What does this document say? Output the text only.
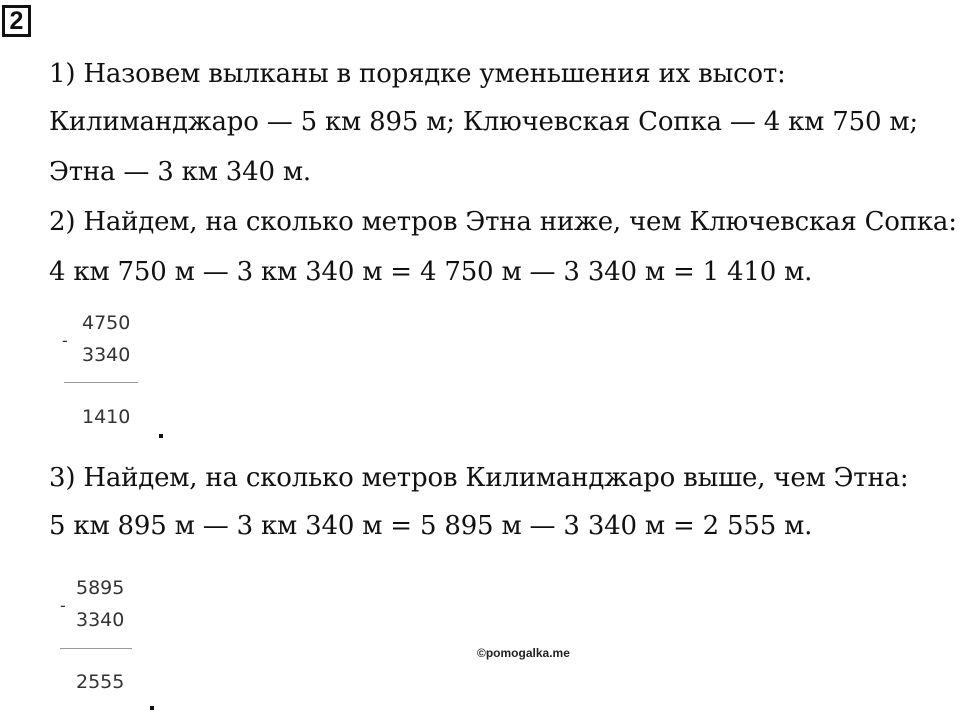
2
1) Назовем вылканы в порядке уменьшения их высот:
Килиманджаро — 5 км 895 м; Ключевская Сопка — 4 км 750 м;
Этна — 3 км 340 м.
2) Найдем, на сколько метров Этна ниже, чем Ключевская Сопка:
4 км 750 м — 3 км 340 м = 4 750 м — 3 340 м = 1 410 м.
4750
-
3340
1410
3) Найдем, на сколько метров Килиманджаро выше, чем Этна:
5 км 895 м — 3 км 340 м = 5 895 м — 3 340 м = 2 555 м.
5895
-
3340
2555
©pomogalka.me
